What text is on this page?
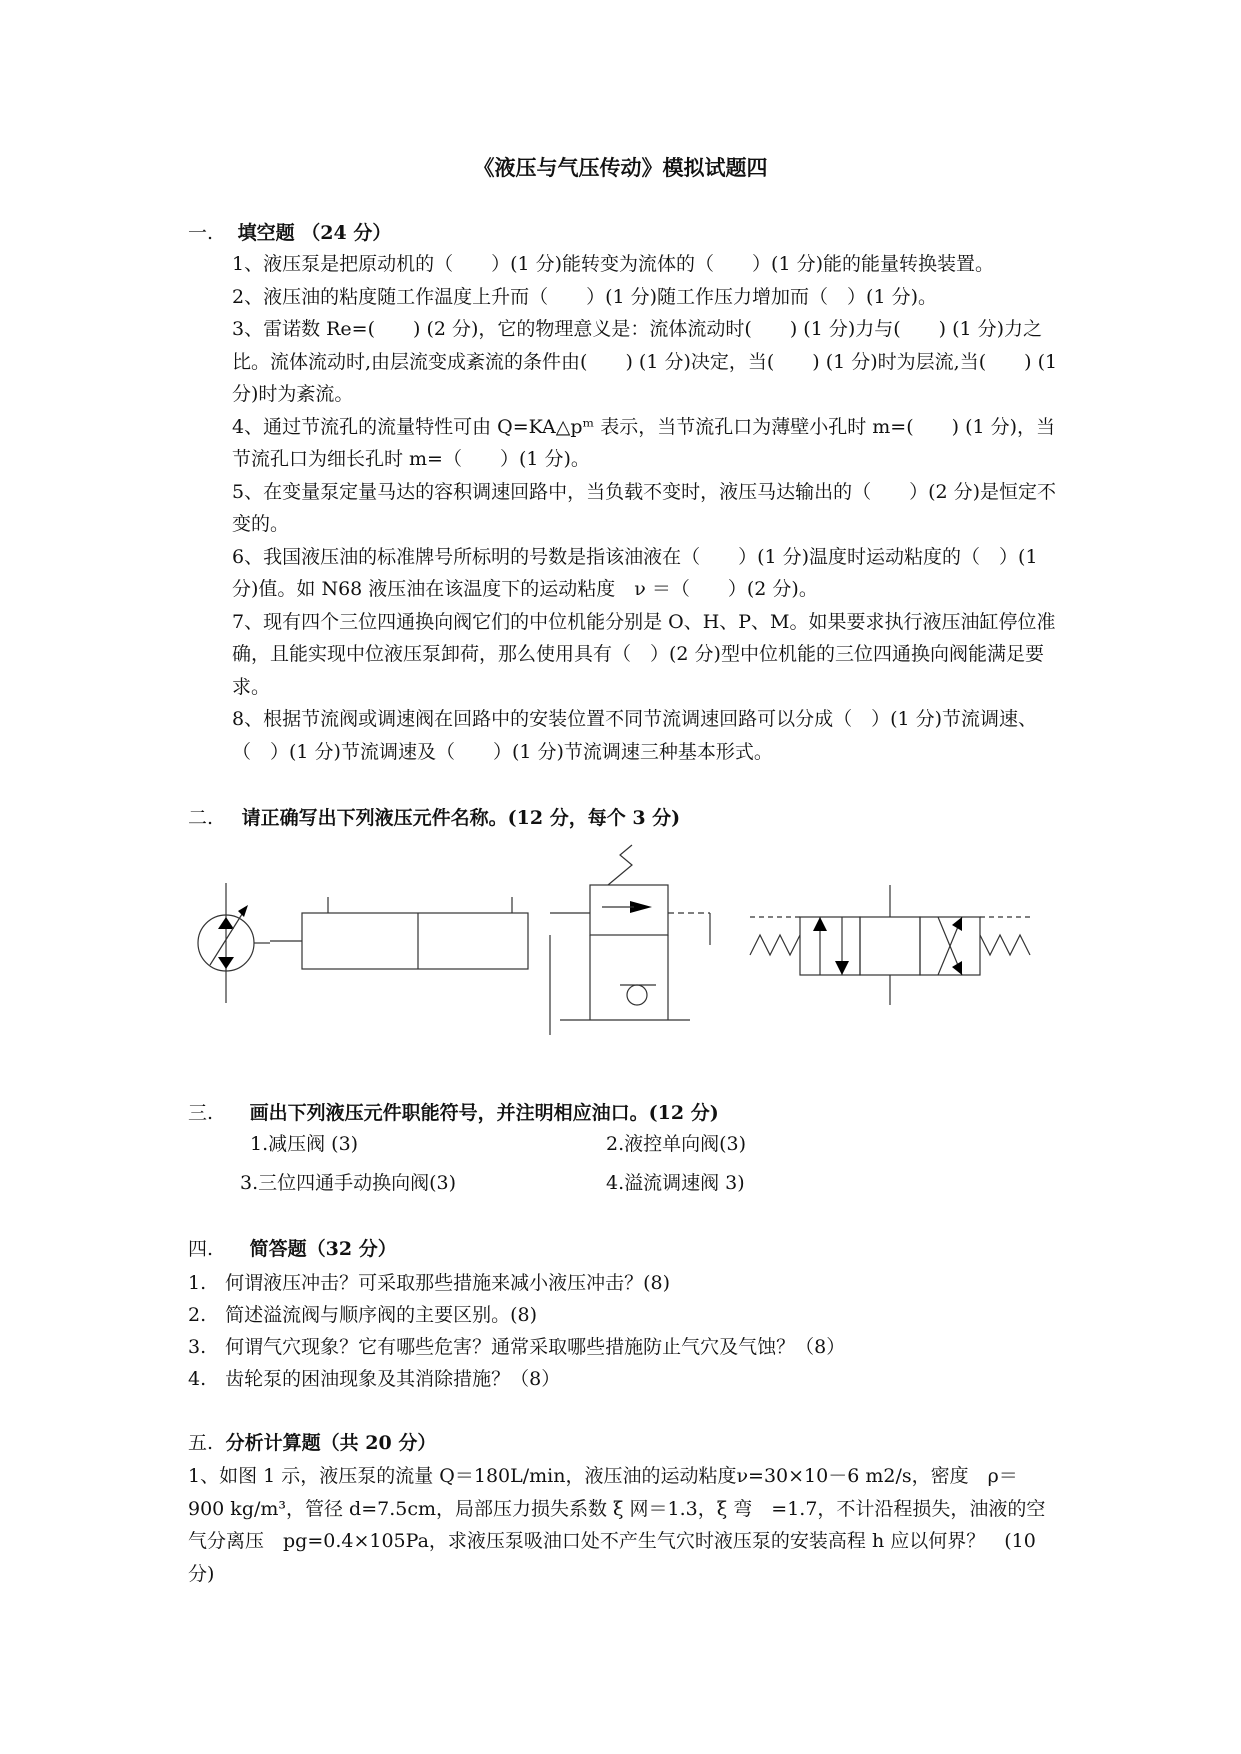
《液压与气压传动》模拟试题四
一. 填空题 （24 分）

1、液压泵是把原动机的（　　）(1 分)能转变为流体的（　　）(1 分)能的能量转换装置。

2、液压油的粘度随工作温度上升而（　　）(1 分)随工作压力增加而（　）(1 分)。

3、雷诺数 Re=(　　) (2 分)，它的物理意义是：流体流动时(　　) (1 分)力与(　　) (1 分)力之比。流体流动时,由层流变成紊流的条件由(　　) (1 分)决定，当(　　) (1 分)时为层流,当(　　) (1 分)时为紊流。

4、通过节流孔的流量特性可由 Q=KA△pᵐ 表示，当节流孔口为薄壁小孔时 m=(　　) (1 分)，当节流孔口为细长孔时 m=（　　）(1 分)。

5、在变量泵定量马达的容积调速回路中，当负载不变时，液压马达输出的（　　）(2 分)是恒定不变的。

6、我国液压油的标准牌号所标明的号数是指该油液在（　　）(1 分)温度时运动粘度的（　）(1 分)值。如 N68 液压油在该温度下的运动粘度　ν ＝（　　）(2 分)。

7、现有四个三位四通换向阀它们的中位机能分别是 O、H、P、M。如果要求执行液压油缸停位准确，且能实现中位液压泵卸荷，那么使用具有（　）(2 分)型中位机能的三位四通换向阀能满足要求。

8、根据节流阀或调速阀在回路中的安装位置不同节流调速回路可以分成（　）(1 分)节流调速、（　）(1 分)节流调速及（　　）(1 分)节流调速三种基本形式。

二. 请正确写出下列液压元件名称。(12 分，每个 3 分)
三. 画出下列液压元件职能符号，并注明相应油口。(12 分)
1.减压阀 (3)	2.液控单向阀(3)
3.三位四通手动换向阀(3)	4.溢流调速阀 3)
四. 简答题（32 分）
1.　何谓液压冲击？可采取那些措施来减小液压冲击？(8)
2.　简述溢流阀与顺序阀的主要区别。(8)
3.　何谓气穴现象？它有哪些危害？通常采取哪些措施防止气穴及气蚀？（8）
4.　齿轮泵的困油现象及其消除措施？（8）
五. 分析计算题（共 20 分）
1、如图 1 示，液压泵的流量 Q＝180L/min，液压油的运动粘度ν=30×10－6 m2/s，密度　ρ＝900 kg/m³，管径 d=7.5cm，局部压力损失系数 ξ 网＝1.3，ξ 弯　=1.7，不计沿程损失，油液的空气分离压　pg=0.4×105Pa，求液压泵吸油口处不产生气穴时液压泵的安装高程 h 应以何界？　(10 分)
